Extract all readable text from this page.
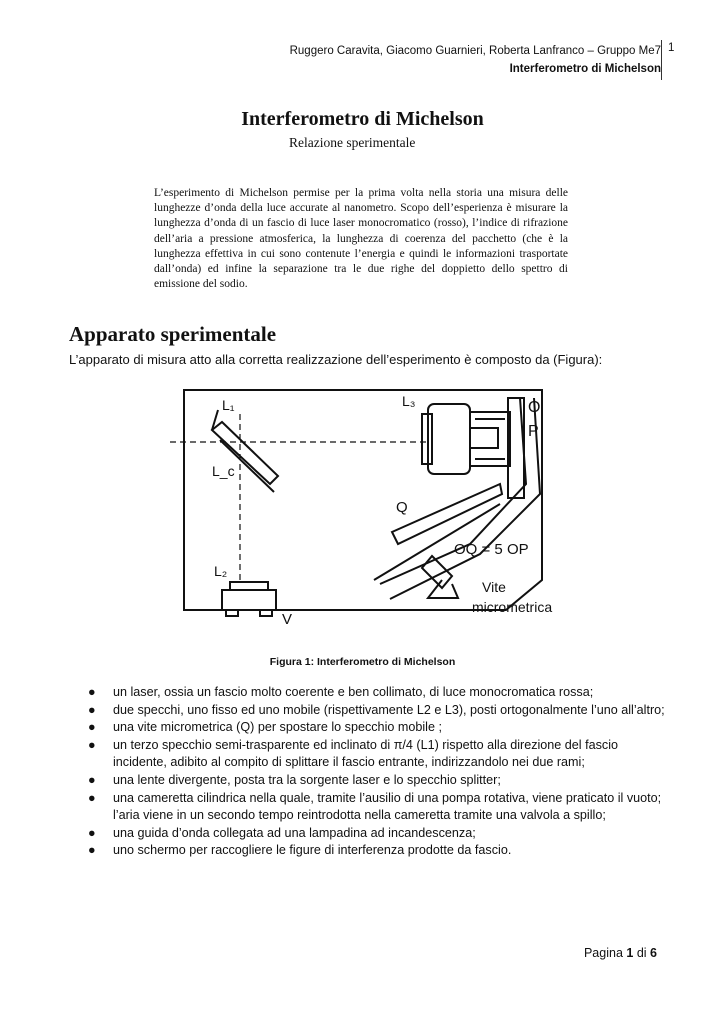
Ruggero Caravita, Giacomo Guarnieri, Roberta Lanfranco – Gruppo Me7
Interferometro di Michelson
1
Interferometro di Michelson
Relazione sperimentale
L’esperimento di Michelson permise per la prima volta nella storia una misura delle lunghezze d’onda della luce accurate al nanometro. Scopo dell’esperienza è misurare la lunghezza d’onda di un fascio di luce laser monocromatico (rosso), l’indice di rifrazione dell’aria a pressione atmosferica, la lunghezza di coerenza del pacchetto (che è la lunghezza effettiva in cui sono contenute l’energia e quindi le informazioni trasportate dall’onda) ed infine la separazione tra le due righe del doppietto dello spettro di emissione del sodio.
Apparato sperimentale
L’apparato di misura atto alla corretta realizzazione dell’esperimento è composto da (Figura):
L₁	L₃
L_c
L₂
O
P
Q
V
OQ = 5 OP
Vite
micrometrica
Figura 1: Interferometro di Michelson
● un laser, ossia un fascio molto coerente e ben collimato, di luce monocromatica rossa;
● due specchi, uno fisso ed uno mobile (rispettivamente L2 e L3), posti ortogonalmente l’uno all’altro;
● una vite micrometrica (Q) per spostare lo specchio mobile ;
● un terzo specchio semi-trasparente ed inclinato di π/4 (L1) rispetto alla direzione del fascio incidente, adibito al compito di splittare il fascio entrante, indirizzandolo nei due rami;
● una lente divergente, posta tra la sorgente laser e lo specchio splitter;
● una cameretta cilindrica nella quale, tramite l’ausilio di una pompa rotativa, viene praticato il vuoto; l’aria viene in un secondo tempo reintrodotta nella cameretta tramite una valvola a spillo;
● una guida d’onda collegata ad una lampadina ad incandescenza;
● uno schermo per raccogliere le figure di interferenza prodotte da fascio.
Pagina 1 di 6
